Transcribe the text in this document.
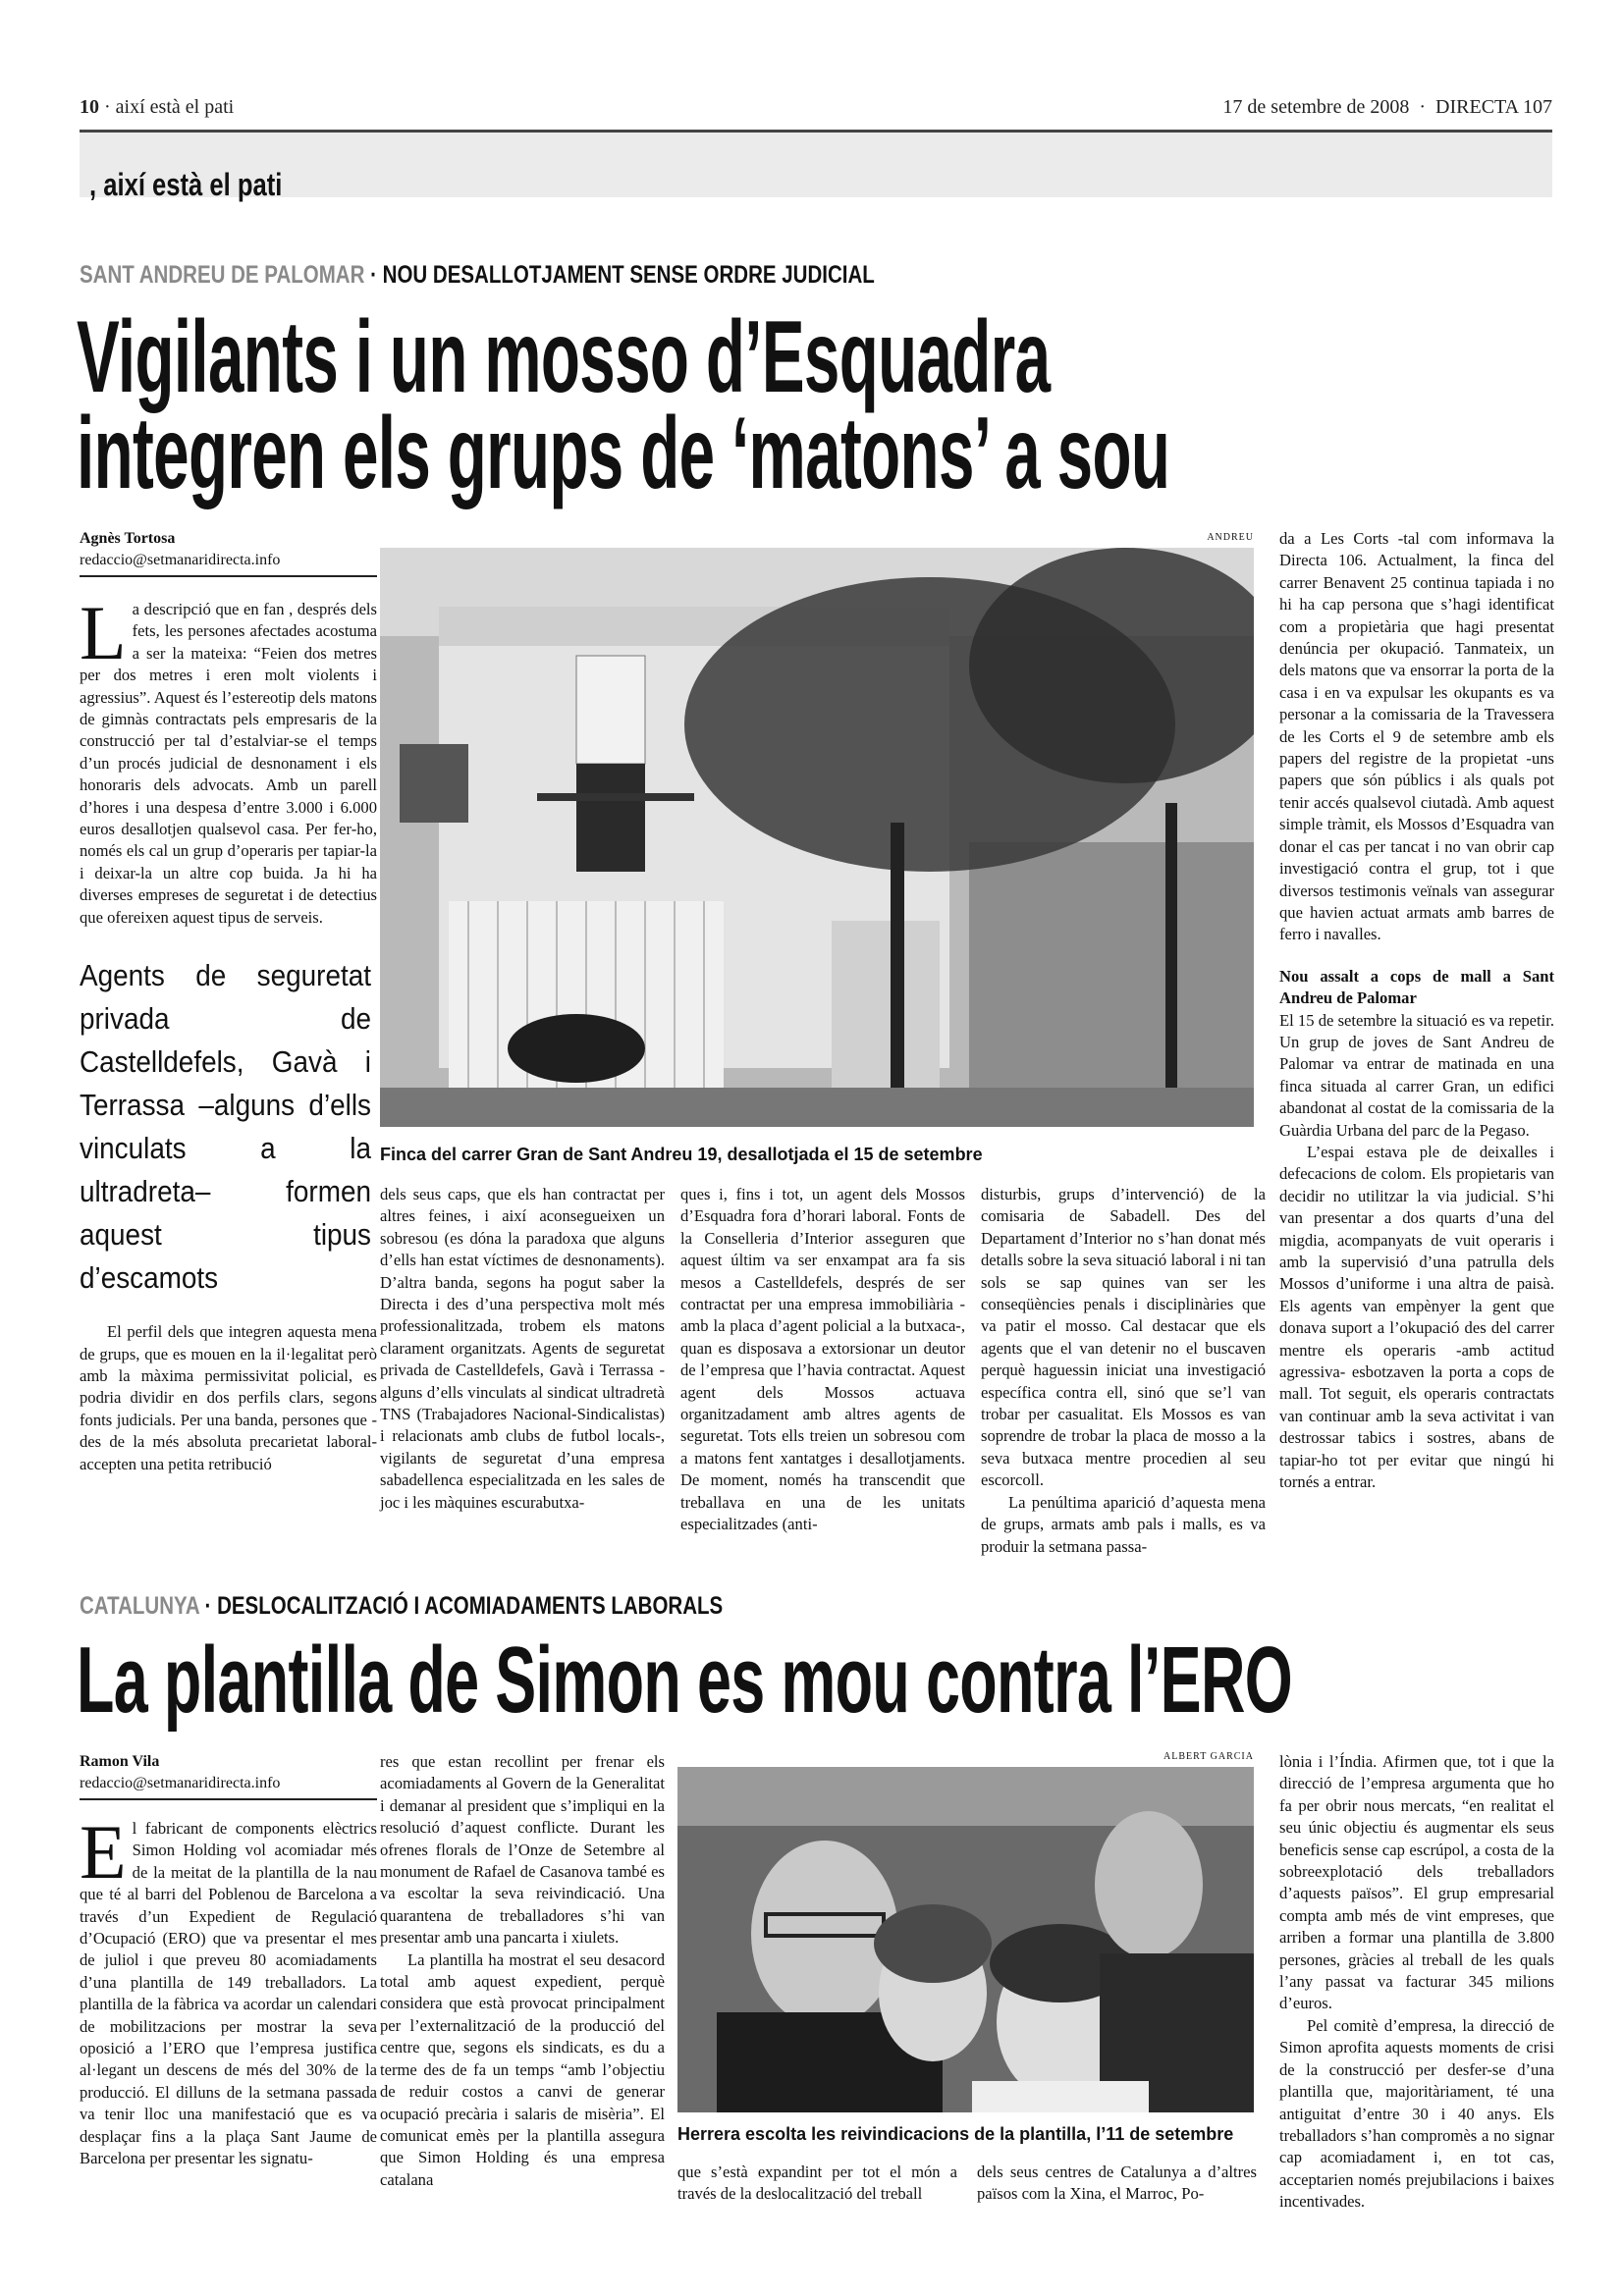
10 · així està el pati	17 de setembre de 2008  ·  DIRECTA 107
, així està el pati
SANT ANDREU DE PALOMAR · NOU DESALLOTJAMENT SENSE ORDRE JUDICIAL
Vigilants i un mosso d’Esquadra
integren els grups de ‘matons’ a sou
Agnès Tortosa
redaccio@setmanaridirecta.info

La descripció que en fan , després dels fets, les persones afectades acostuma a ser la mateixa: “Feien dos metres per dos metres i eren molt violents i agressius”. Aquest és l’estereotip dels matons de gimnàs contractats pels empresaris de la construcció per tal d’estalviar-se el temps d’un procés judicial de desnonament i els honoraris dels advocats. Amb un parell d’hores i una despesa d’entre 3.000 i 6.000 euros desallotjen qualsevol casa. Per fer-ho, només els cal un grup d’operaris per tapiar-la i deixar-la un altre cop buida. Ja hi ha diverses empreses de seguretat i de detectius que ofereixen aquest tipus de serveis.

Agents de seguretat privada de Castelldefels, Gavà i Terrassa –alguns d’ells vinculats a la ultradreta– formen aquest tipus d’escamots

El perfil dels que integren aquesta mena de grups, que es mouen en la il·legalitat però amb la màxima permissivitat policial, es podria dividir en dos perfils clars, segons fonts judicials. Per una banda, persones que -des de la més absoluta precarietat laboral- accepten una petita retribució

ANDREU
Finca del carrer Gran de Sant Andreu 19, desallotjada el 15 de setembre

dels seus caps, que els han contractat per altres feines, i així aconsegueixen un sobresou (es dóna la paradoxa que alguns d’ells han estat víctimes de desnonaments). D’altra banda, segons ha pogut saber la Directa i des d’una perspectiva molt més professionalitzada, trobem els matons clarament organitzats. Agents de seguretat privada de Castelldefels, Gavà i Terrassa -alguns d’ells vinculats al sindicat ultradretà TNS (Trabajadores Nacional-Sindicalistas) i relacionats amb clubs de futbol locals-, vigilants de seguretat d’una empresa sabadellenca especialitzada en les sales de joc i les màquines escurabutxa-

ques i, fins i tot, un agent dels Mossos d’Esquadra fora d’horari laboral. Fonts de la Conselleria d’Interior asseguren que aquest últim va ser enxampat ara fa sis mesos a Castelldefels, després de ser contractat per una empresa immobiliària -amb la placa d’agent policial a la butxaca-, quan es disposava a extorsionar un deutor de l’empresa que l’havia contractat. Aquest agent dels Mossos actuava organitzadament amb altres agents de seguretat. Tots ells treien un sobresou com a matons fent xantatges i desallotjaments. De moment, només ha transcendit que treballava en una de les unitats especialitzades (anti-

disturbis, grups d’intervenció) de la comisaria de Sabadell. Des del Departament d’Interior no s’han donat més detalls sobre la seva situació laboral i ni tan sols se sap quines van ser les conseqüències penals i disciplinàries que va patir el mosso. Cal destacar que els agents que el van detenir no el buscaven perquè haguessin iniciat una investigació específica contra ell, sinó que se’l van trobar per casualitat. Els Mossos es van soprendre de trobar la placa de mosso a la seva butxaca mentre procedien al seu escorcoll.

La penúltima aparició d’aquesta mena de grups, armats amb pals i malls, es va produir la setmana passa-

da a Les Corts -tal com informava la Directa 106. Actualment, la finca del carrer Benavent 25 continua tapiada i no hi ha cap persona que s’hagi identificat com a propietària que hagi presentat denúncia per okupació. Tanmateix, un dels matons que va ensorrar la porta de la casa i en va expulsar les okupants es va personar a la comissaria de la Travessera de les Corts el 9 de setembre amb els papers del registre de la propietat -uns papers que són públics i als quals pot tenir accés qualsevol ciutadà. Amb aquest simple tràmit, els Mossos d’Esquadra van donar el cas per tancat i no van obrir cap investigació contra el grup, tot i que diversos testimonis veïnals van assegurar que havien actuat armats amb barres de ferro i navalles.

Nou assalt a cops de mall a Sant Andreu de Palomar

El 15 de setembre la situació es va repetir. Un grup de joves de Sant Andreu de Palomar va entrar de matinada en una finca situada al carrer Gran, un edifici abandonat al costat de la comissaria de la Guàrdia Urbana del parc de la Pegaso.

L’espai estava ple de deixalles i defecacions de colom. Els propietaris van decidir no utilitzar la via judicial. S’hi van presentar a dos quarts d’una del migdia, acompanyats de vuit operaris i amb la supervisió d’una patrulla dels Mossos d’uniforme i una altra de paisà. Els agents van empènyer la gent que donava suport a l’okupació des del carrer mentre els operaris -amb actitud agressiva- esbotzaven la porta a cops de mall. Tot seguit, els operaris contractats van continuar amb la seva activitat i van destrossar tabics i sostres, abans de tapiar-ho tot per evitar que ningú hi tornés a entrar.

CATALUNYA · DESLOCALITZACIÓ I ACOMIADAMENTS LABORALS
La plantilla de Simon es mou contra l’ERO
Ramon Vila
redaccio@setmanaridirecta.info

El fabricant de components elèctrics Simon Holding vol acomiadar més de la meitat de la plantilla de la nau que té al barri del Poblenou de Barcelona a través d’un Expedient de Regulació d’Ocupació (ERO) que va presentar el mes de juliol i que preveu 80 acomiadaments d’una plantilla de 149 treballadors. La plantilla de la fàbrica va acordar un calendari de mobilitzacions per mostrar la seva oposició a l’ERO que l’empresa justifica al·legant un descens de més del 30% de la producció. El dilluns de la setmana passada va tenir lloc una manifestació que es va desplaçar fins a la plaça Sant Jaume de Barcelona per presentar les signatu-

res que estan recollint per frenar els acomiadaments al Govern de la Generalitat i demanar al president que s’impliqui en la resolució d’aquest conflicte. Durant les ofrenes florals de l’Onze de Setembre al monument de Rafael de Casanova també es va escoltar la seva reivindicació. Una quarantena de treballadores s’hi van presentar amb una pancarta i xiulets.

La plantilla ha mostrat el seu desacord total amb aquest expedient, perquè considera que està provocat principalment per l’externalització de la producció del centre que, segons els sindicats, es du a terme des de fa un temps “amb l’objectiu de reduir costos a canvi de generar ocupació precària i salaris de misèria”. El comunicat emès per la plantilla assegura que Simon Holding és una empresa catalana

ALBERT GARCIA
Herrera escolta les reivindicacions de la plantilla, l’11 de setembre

que s’està expandint per tot el món a través de la deslocalització del treball

dels seus centres de Catalunya a d’altres països com la Xina, el Marroc, Po-

lònia i l’Índia. Afirmen que, tot i que la direcció de l’empresa argumenta que ho fa per obrir nous mercats, “en realitat el seu únic objectiu és augmentar els seus beneficis sense cap escrúpol, a costa de la sobreexplotació dels treballadors d’aquests països”. El grup empresarial compta amb més de vint empreses, que arriben a formar una plantilla de 3.800 persones, gràcies al treball de les quals l’any passat va facturar 345 milions d’euros.

Pel comitè d’empresa, la direcció de Simon aprofita aquests moments de crisi de la construcció per desfer-se d’una plantilla que, majoritàriament, té una antiguitat d’entre 30 i 40 anys. Els treballadors s’han compromès a no signar cap acomiadament i, en tot cas, acceptarien només prejubilacions i baixes incentivades.
